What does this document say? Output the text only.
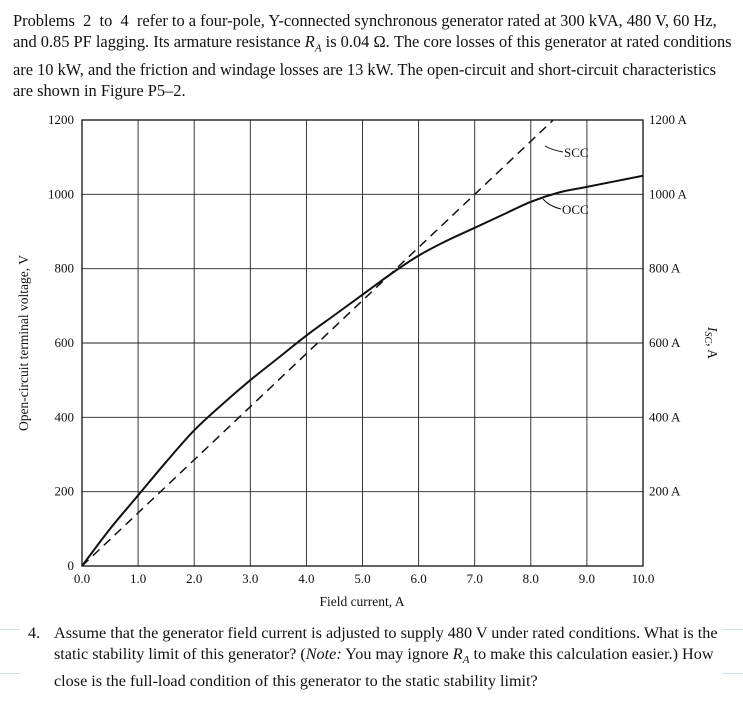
Problems 2 to 4 refer to a four-pole, Y-connected synchronous generator rated at 300 kVA, 480 V, 60 Hz, and 0.85 PF lagging. Its armature resistance $R_A$ is 0.04 Ω. The core losses of this generator at rated conditions are 10 kW, and the friction and windage losses are 13 kW. The open-circuit and short-circuit characteristics are shown in Figure P5–2.

0.0	1.0	2.0	3.0	4.0	5.0	6.0	7.0	8.0	9.0	10.0
0
200
400
600
800
1000
1200
200 A
400 A
600 A
800 A
1000 A
1200 A
SCC
OCC
Field current, A
Open-circuit terminal voltage, V	$I_{SC}$, A

4. Assume that the generator field current is adjusted to supply 480 V under rated conditions. What is the static stability limit of this generator? (Note: You may ignore $R_A$ to make this calculation easier.) How close is the full-load condition of this generator to the static stability limit?
